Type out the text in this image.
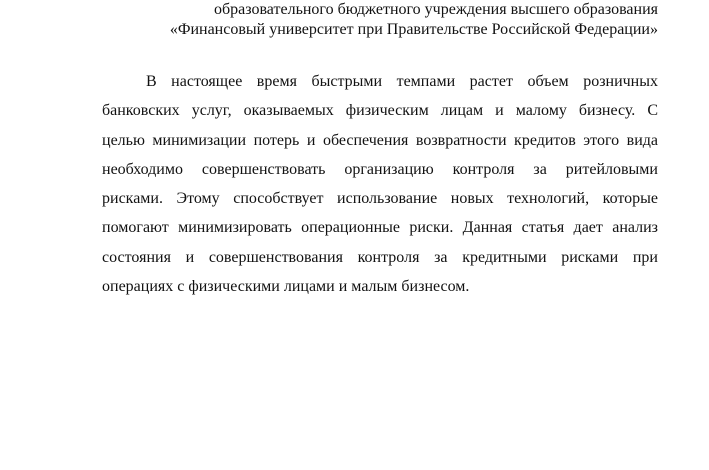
образовательного бюджетного учреждения высшего образования
«Финансовый университет при Правительстве Российской Федерации»
В настоящее время быстрыми темпами растет объем розничных
банковских услуг, оказываемых физическим лицам и малому бизнесу. С
целью минимизации потерь и обеспечения возвратности кредитов этого вида
необходимо совершенствовать организацию контроля за ритейловыми
рисками. Этому способствует использование новых технологий, которые
помогают минимизировать операционные риски. Данная статья дает анализ
состояния и совершенствования контроля за кредитными рисками при
операциях с физическими лицами и малым бизнесом.
